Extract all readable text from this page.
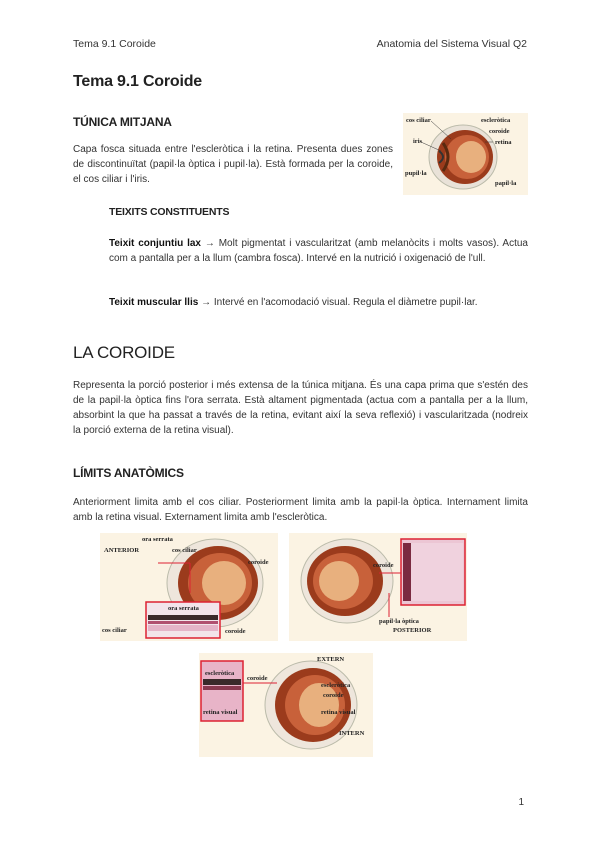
Tema 9.1 Coroide	Anatomia del Sistema Visual Q2
Tema 9.1 Coroide
TÚNICA MITJANA
Capa fosca situada entre l'escleròtica i la retina. Presenta dues zones de discontinuïtat (papil·la òptica i pupil·la). Està formada per la coroide, el cos ciliar i l'iris.
cos ciliar	escleròtica
coroide
iris	retina
pupil·la
papil·la
TEIXITS CONSTITUENTS
Teixit conjuntiu lax → Molt pigmentat i vascularitzat (amb melanòcits i molts vasos). Actua com a pantalla per a la llum (cambra fosca). Intervé en la nutrició i oxigenació de l'ull.
Teixit muscular llis → Intervé en l'acomodació visual. Regula el diàmetre pupil·lar.
LA COROIDE
Representa la porció posterior i més extensa de la túnica mitjana. És una capa prima que s'estén des de la papil·la òptica fins l'ora serrata. Està altament pigmentada (actua com a pantalla per a la llum, absorbint la que ha passat a través de la retina, evitant així la seva reflexió) i vascularitzada (nodreix la porció externa de la retina visual).
LÍMITS ANATÒMICS
Anteriorment limita amb el cos ciliar. Posteriorment limita amb la papil·la òptica. Internament limita amb la retina visual. Externament limita amb l'escleròtica.
ora serrata
ANTERIOR	cos ciliar
coroide
ora serrata
cos ciliar	coroide
coroide
papil·la òptica
POSTERIOR
EXTERN
escleròtica
coroide
escleròtica
coroide
retina visual
retina visual
INTERN
1
